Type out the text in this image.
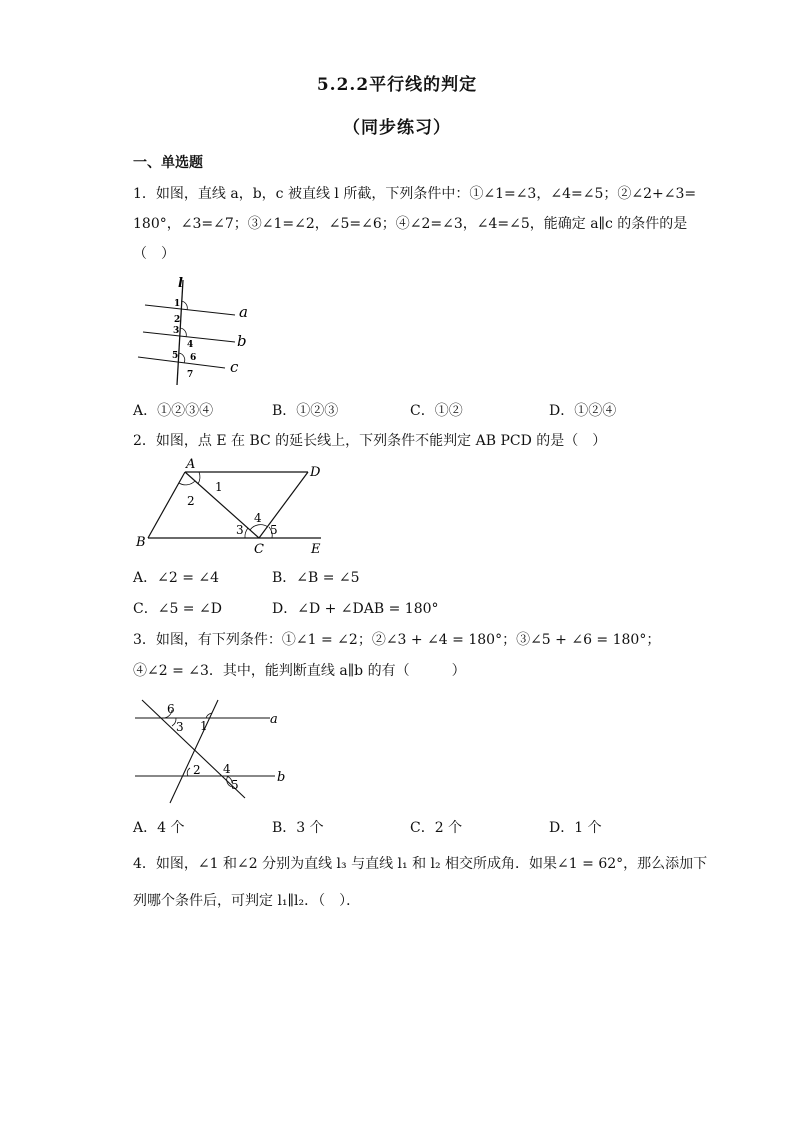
5.2.2平行线的判定
（同步练习）
一、单选题
1．如图，直线 a，b，c 被直线 l 所截，下列条件中：①∠1=∠3，∠4=∠5；②∠2+∠3=
180°，∠3=∠7；③∠1=∠2，∠5=∠6；④∠2=∠3，∠4=∠5，能确定 a∥c 的条件的是
（　）
l
a
b
c
1
2
3
4
5 6
7
A．①②③④	B．①②③	C．①②	D．①②④
2．如图，点 E 在 BC 的延长线上，下列条件不能判定 AB PCD 的是（　）
A
D
B	C	E
1
2
3
4
5
A．∠2 = ∠4	B．∠B = ∠5
C．∠5 = ∠D	D．∠D + ∠DAB = 180°
3．如图，有下列条件：①∠1 = ∠2；②∠3 + ∠4 = 180°；③∠5 + ∠6 = 180°；
④∠2 = ∠3．其中，能判断直线 a∥b 的有（　　　）
a
b
1
2
3
4
5
6
A．4 个	B．3 个	C．2 个	D．1 个
4．如图，∠1 和∠2 分别为直线 l₃ 与直线 l₁ 和 l₂ 相交所成角．如果∠1 = 62°，那么添加下
列哪个条件后，可判定 l₁∥l₂．（　）．
